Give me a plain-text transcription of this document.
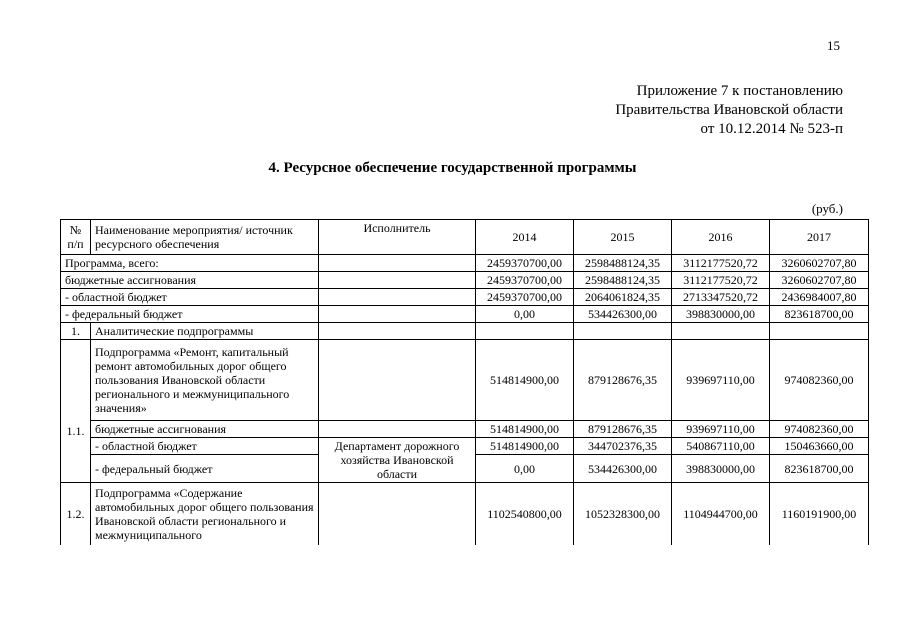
15
Приложение 7 к постановлению
Правительства Ивановской области
от 10.12.2014 № 523-п
4. Ресурсное обеспечение государственной программы
(руб.)
№ п/п	Наименование мероприятия/ источник ресурсного обеспечения	Исполнитель	2014	2015	2016	2017
Программа, всего:			2459370700,00	2598488124,35	3112177520,72	3260602707,80
бюджетные ассигнования			2459370700,00	2598488124,35	3112177520,72	3260602707,80
- областной бюджет			2459370700,00	2064061824,35	2713347520,72	2436984007,80
- федеральный бюджет			0,00	534426300,00	398830000,00	823618700,00
1.	Аналитические подпрограммы					
1.1.	Подпрограмма «Ремонт, капитальный ремонт автомобильных дорог общего пользования Ивановской области регионального и межмуниципального значения»		514814900,00	879128676,35	939697110,00	974082360,00
	бюджетные ассигнования		514814900,00	879128676,35	939697110,00	974082360,00
	- областной бюджет	Департамент дорожного хозяйства Ивановской области	514814900,00	344702376,35	540867110,00	150463660,00
	- федеральный бюджет		0,00	534426300,00	398830000,00	823618700,00
1.2.	Подпрограмма «Содержание автомобильных дорог общего пользования Ивановской области регионального и межмуниципального		1102540800,00	1052328300,00	1104944700,00	1160191900,00
